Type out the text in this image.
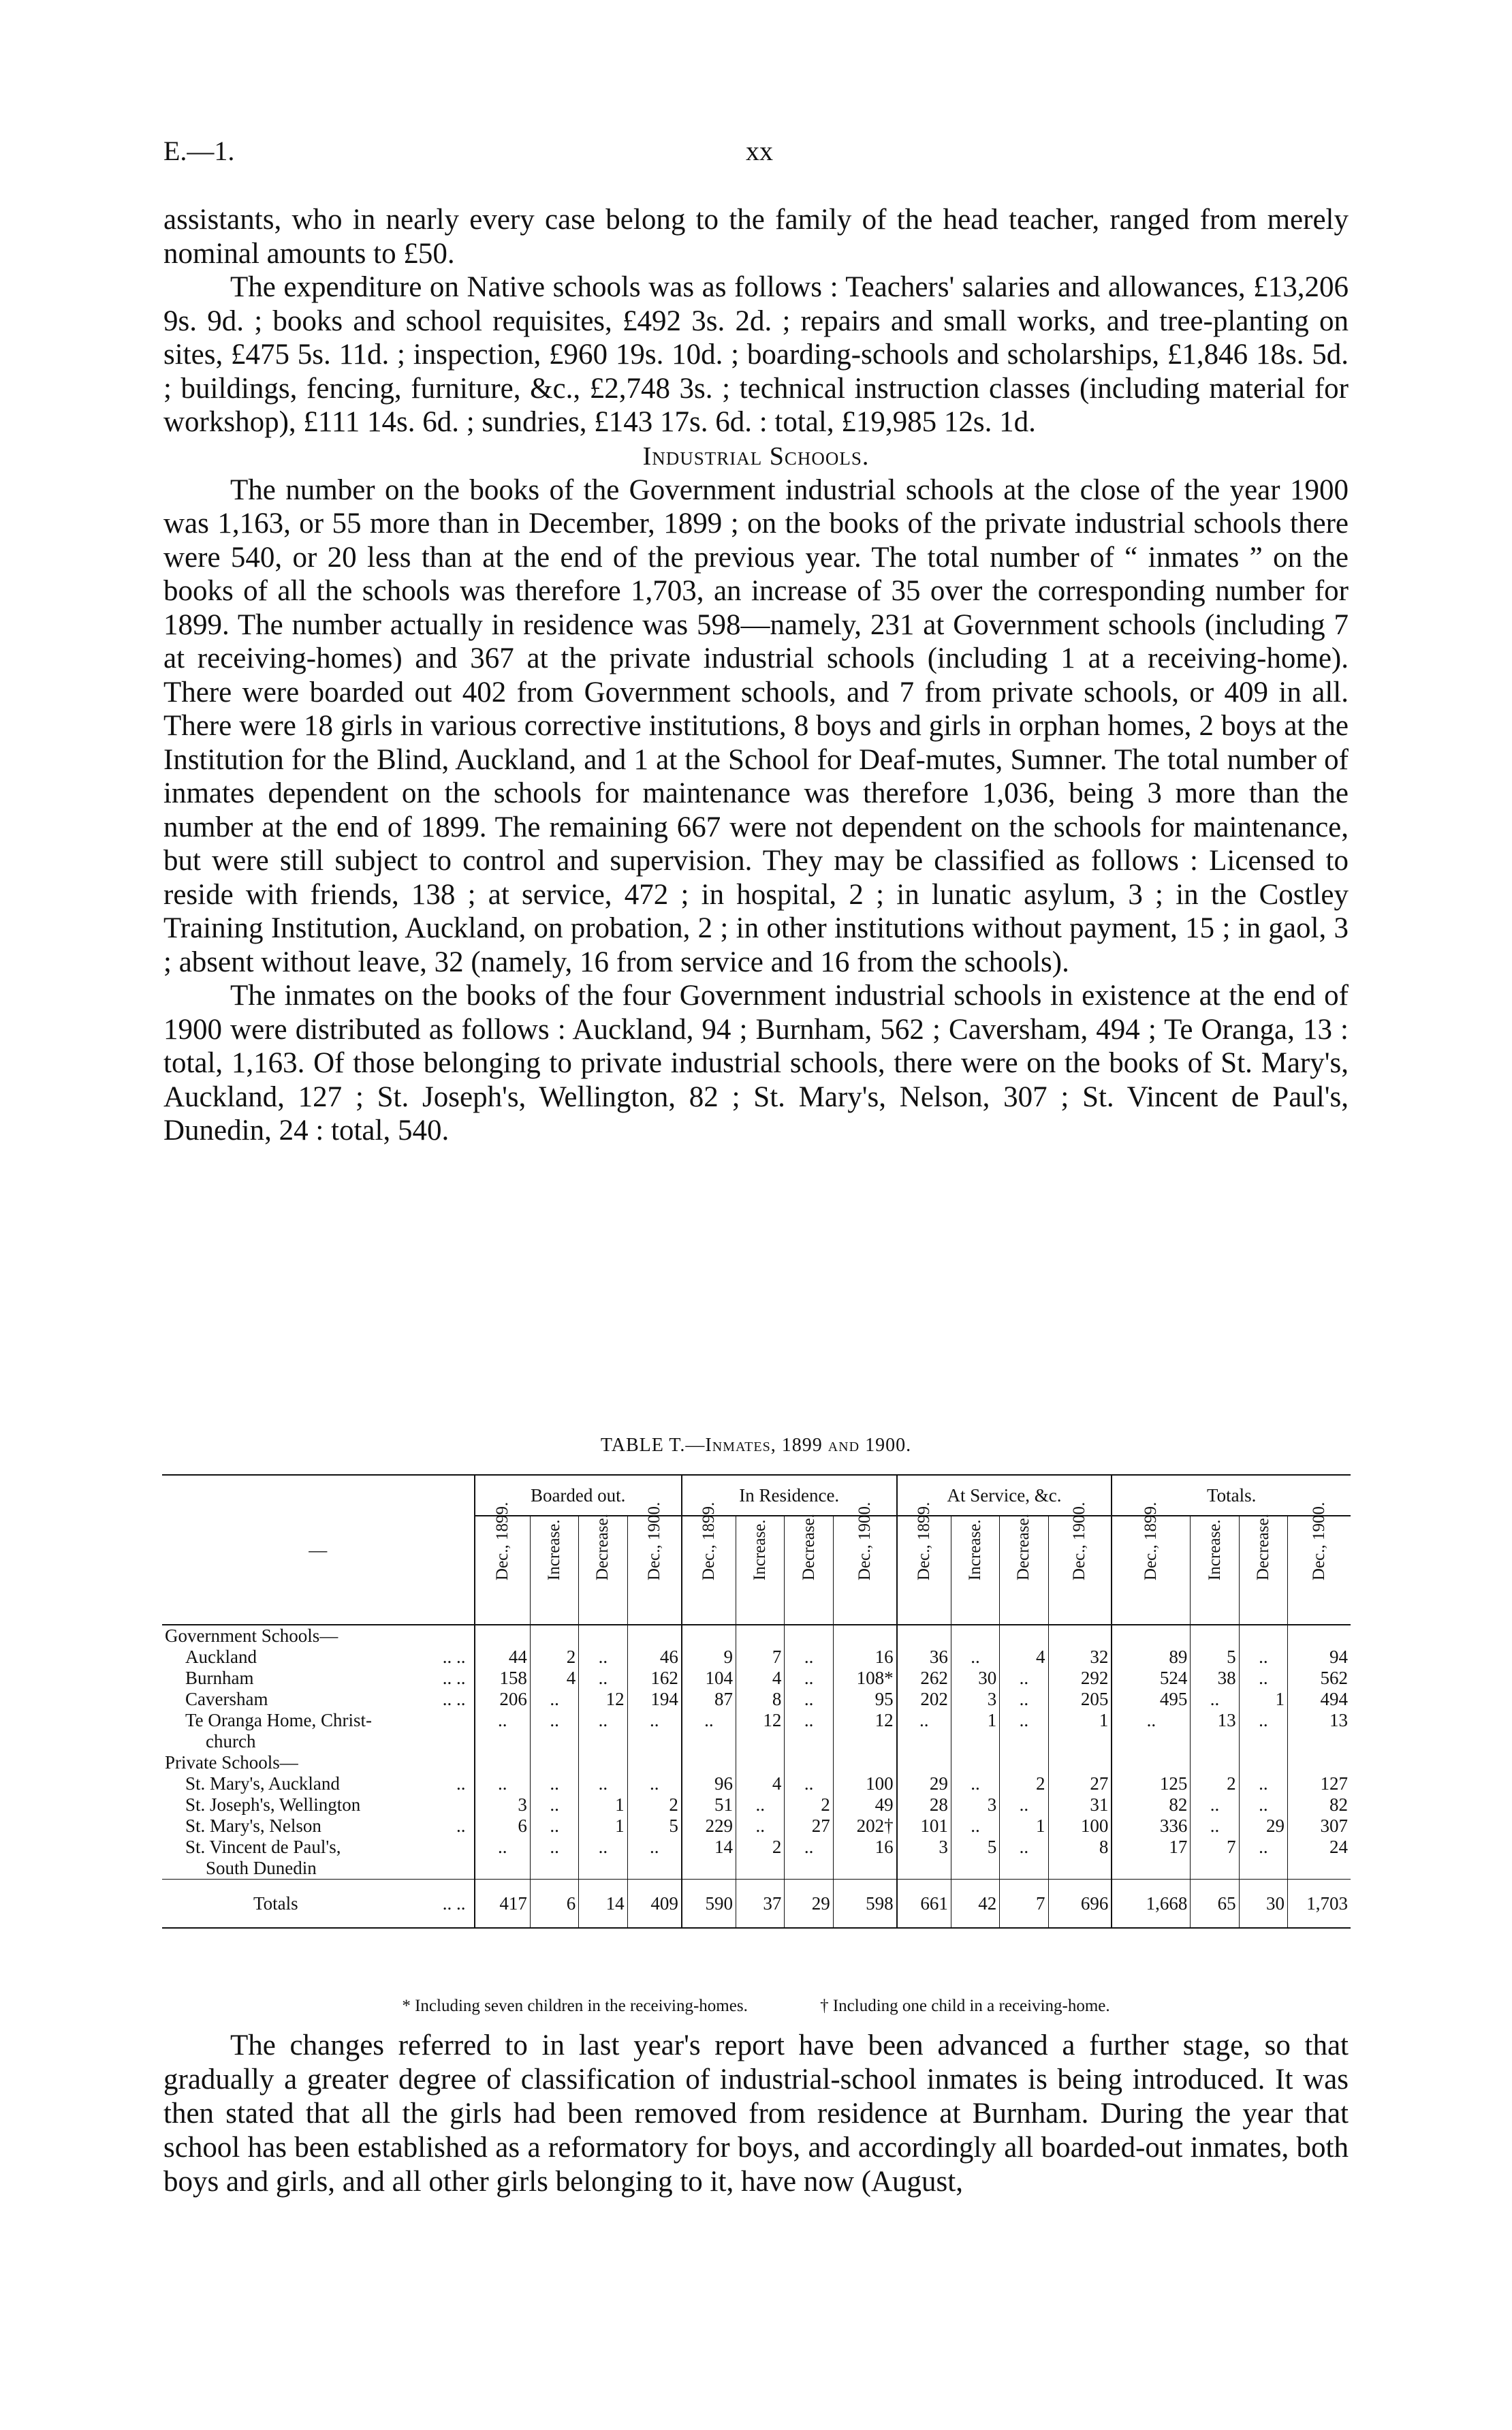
E.—1.	xx

assistants, who in nearly every case belong to the family of the head teacher, ranged from merely nominal amounts to £50.

The expenditure on Native schools was as follows : Teachers' salaries and allowances, £13,206 9s. 9d. ; books and school requisites, £492 3s. 2d. ; repairs and small works, and tree-planting on sites, £475 5s. 11d. ; inspection, £960 19s. 10d. ; boarding-schools and scholarships, £1,846 18s. 5d. ; buildings, fencing, furniture, &c., £2,748 3s. ; technical instruction classes (including material for workshop), £111 14s. 6d. ; sundries, £143 17s. 6d. : total, £19,985 12s. 1d.

Industrial Schools.

The number on the books of the Government industrial schools at the close of the year 1900 was 1,163, or 55 more than in December, 1899 ; on the books of the private industrial schools there were 540, or 20 less than at the end of the previous year. The total number of “ inmates ” on the books of all the schools was therefore 1,703, an increase of 35 over the corresponding number for 1899. The number actually in residence was 598—namely, 231 at Government schools (including 7 at receiving-homes) and 367 at the private industrial schools (including 1 at a receiving-home). There were boarded out 402 from Government schools, and 7 from private schools, or 409 in all. There were 18 girls in various corrective institutions, 8 boys and girls in orphan homes, 2 boys at the Institution for the Blind, Auckland, and 1 at the School for Deaf-mutes, Sumner. The total number of inmates dependent on the schools for maintenance was therefore 1,036, being 3 more than the number at the end of 1899. The remaining 667 were not dependent on the schools for maintenance, but were still subject to control and supervision. They may be classified as follows : Licensed to reside with friends, 138 ; at service, 472 ; in hospital, 2 ; in lunatic asylum, 3 ; in the Costley Training Institution, Auckland, on probation, 2 ; in other institutions without payment, 15 ; in gaol, 3 ; absent without leave, 32 (namely, 16 from service and 16 from the schools).

The inmates on the books of the four Government industrial schools in existence at the end of 1900 were distributed as follows : Auckland, 94 ; Burnham, 562 ; Caversham, 494 ; Te Oranga, 13 : total, 1,163. Of those belonging to private industrial schools, there were on the books of St. Mary's, Auckland, 127 ; St. Joseph's, Wellington, 82 ; St. Mary's, Nelson, 307 ; St. Vincent de Paul's, Dunedin, 24 : total, 540.

TABLE T.—Inmates, 1899 and 1900.
—	Boarded out.				In Residence.				At Service, &c.				Totals.			
	Dec., 1899.	Increase.	Decrease.	Dec., 1900.	Dec., 1899.	Increase.	Decrease.	Dec., 1900.	Dec., 1899.	Increase.	Decrease.	Dec., 1900.	Dec., 1899.	Increase.	Decrease.	Dec., 1900.
Government Schools—																
Auckland .. ..	44	2	..	46	9	7	..	16	36	..	4	32	89	5	..	94
Burnham .. ..	158	4	..	162	104	4	..	108*	262	30	..	292	524	38	..	562
Caversham .. ..	206	..	12	194	87	8	..	95	202	3	..	205	495	..	1	494
Te Oranga Home, Christ-	..	..	..	..	..	12	..	12	..	1	..	1	..	13	..	13
church																
Private Schools—																
St. Mary's, Auckland ..	..	..	..	..	96	4	..	100	29	..	2	27	125	2	..	127
St. Joseph's, Wellington	3	..	1	2	51	..	2	49	28	3	..	31	82	..	..	82
St. Mary's, Nelson ..	6	..	1	5	229	..	27	202†	101	..	1	100	336	..	29	307
St. Vincent de Paul's,	..	..	..	..	14	2	..	16	3	5	..	8	17	7	..	24
South Dunedin																
Totals .. ..	417	6	14	409	590	37	29	598	661	42	7	696	1,668	65	30	1,703
* Including seven children in the receiving-homes.	† Including one child in a receiving-home.

The changes referred to in last year's report have been advanced a further stage, so that gradually a greater degree of classification of industrial-school inmates is being introduced. It was then stated that all the girls had been removed from residence at Burnham. During the year that school has been established as a reformatory for boys, and accordingly all boarded-out inmates, both boys and girls, and all other girls belonging to it, have now (August,
